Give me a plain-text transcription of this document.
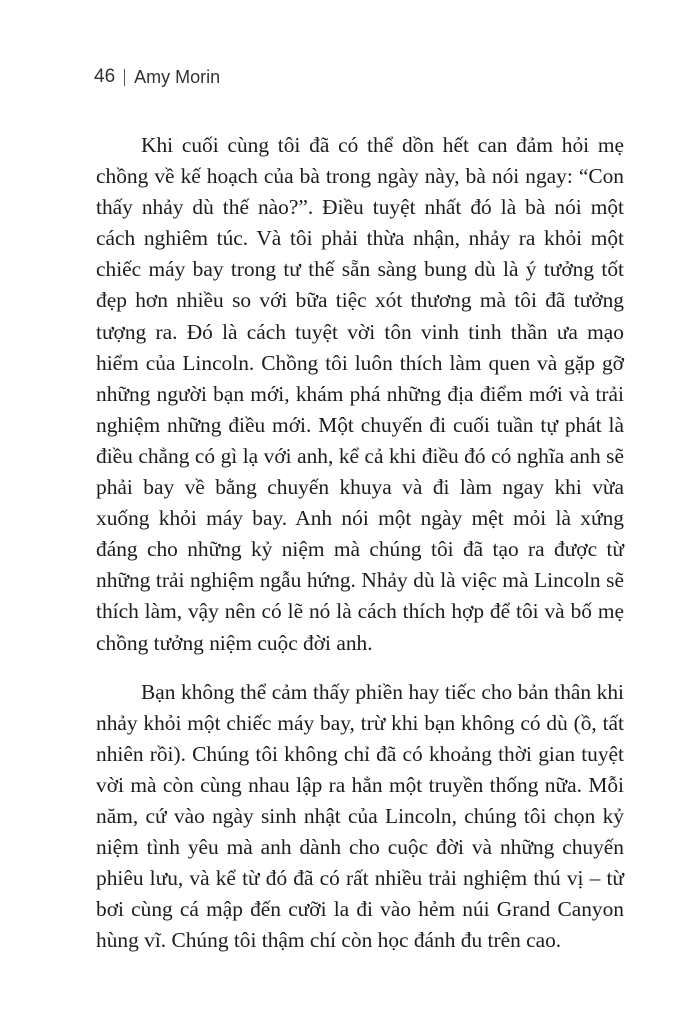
46 Amy Morin

Khi cuối cùng tôi đã có thể dồn hết can đảm hỏi mẹ chồng về kế hoạch của bà trong ngày này, bà nói ngay: “Con thấy nhảy dù thế nào?”. Điều tuyệt nhất đó là bà nói một cách nghiêm túc. Và tôi phải thừa nhận, nhảy ra khỏi một chiếc máy bay trong tư thế sẵn sàng bung dù là ý tưởng tốt đẹp hơn nhiều so với bữa tiệc xót thương mà tôi đã tưởng tượng ra. Đó là cách tuyệt vời tôn vinh tinh thần ưa mạo hiểm của Lincoln. Chồng tôi luôn thích làm quen và gặp gỡ những người bạn mới, khám phá những địa điểm mới và trải nghiệm những điều mới. Một chuyến đi cuối tuần tự phát là điều chẳng có gì lạ với anh, kể cả khi điều đó có nghĩa anh sẽ phải bay về bằng chuyến khuya và đi làm ngay khi vừa xuống khỏi máy bay. Anh nói một ngày mệt mỏi là xứng đáng cho những kỷ niệm mà chúng tôi đã tạo ra được từ những trải nghiệm ngẫu hứng. Nhảy dù là việc mà Lincoln sẽ thích làm, vậy nên có lẽ nó là cách thích hợp để tôi và bố mẹ chồng tưởng niệm cuộc đời anh.

Bạn không thể cảm thấy phiền hay tiếc cho bản thân khi nhảy khỏi một chiếc máy bay, trừ khi bạn không có dù (ồ, tất nhiên rồi). Chúng tôi không chỉ đã có khoảng thời gian tuyệt vời mà còn cùng nhau lập ra hẳn một truyền thống nữa. Mỗi năm, cứ vào ngày sinh nhật của Lincoln, chúng tôi chọn kỷ niệm tình yêu mà anh dành cho cuộc đời và những chuyến phiêu lưu, và kể từ đó đã có rất nhiều trải nghiệm thú vị – từ bơi cùng cá mập đến cưỡi la đi vào hẻm núi Grand Canyon hùng vĩ. Chúng tôi thậm chí còn học đánh đu trên cao.
